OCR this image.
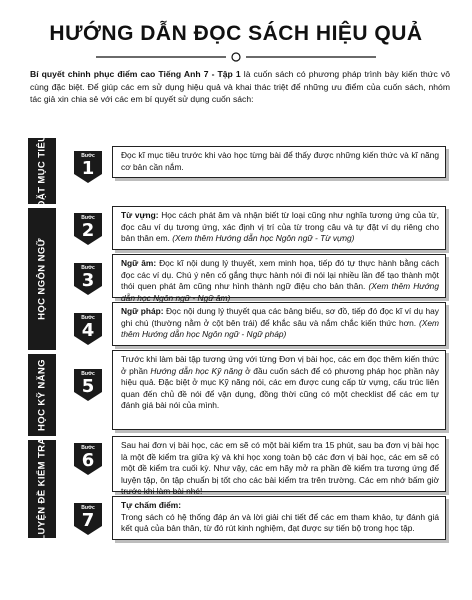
HƯỚNG DẪN ĐỌC SÁCH HIỆU QUẢ
Bí quyết chinh phục điểm cao Tiếng Anh 7 - Tập 1 là cuốn sách có phương pháp trình bày kiến thức vô cùng đặc biệt. Để giúp các em sử dụng hiệu quả và khai thác triệt để những ưu điểm của cuốn sách, nhóm tác giả xin chia sẻ với các em bí quyết sử dụng cuốn sách:
ĐẶT MỤC TIÊU
HỌC NGÔN NGỮ
HỌC KỸ NĂNG
LUYỆN ĐỀ KIỂM TRA
Bước
1
Bước
2
Bước
3
Bước
4
Bước
5
Bước
6
Bước
7
Đọc kĩ mục tiêu trước khi vào học từng bài để thấy được những kiến thức và kĩ năng cơ bản cần nắm.
Từ vựng: Học cách phát âm và nhận biết từ loại cũng như nghĩa tương ứng của từ, đọc câu ví dụ tương ứng, xác định vị trí của từ trong câu và tự đặt ví dụ riêng cho bản thân em. (Xem thêm Hướng dẫn học Ngôn ngữ - Từ vựng)
Ngữ âm: Đọc kĩ nội dung lý thuyết, xem minh họa, tiếp đó tự thực hành bằng cách đọc các ví dụ. Chú ý nên cố gắng thực hành nói đi nói lại nhiều lần để tạo thành một thói quen phát âm cũng như hình thành ngữ điệu cho bản thân. (Xem thêm Hướng dẫn học Ngôn ngữ - Ngữ âm)
Ngữ pháp: Đọc nội dung lý thuyết qua các bảng biểu, sơ đồ, tiếp đó đọc kĩ ví dụ hay ghi chú (thường nằm ở cột bên trái) để khắc sâu và nắm chắc kiến thức hơn. (Xem thêm Hướng dẫn học Ngôn ngữ - Ngữ pháp)
Trước khi làm bài tập tương ứng với từng Đơn vị bài học, các em đọc thêm kiến thức ở phần Hướng dẫn học Kỹ năng ở đầu cuốn sách để có phương pháp học phần này hiệu quả. Đặc biệt ở mục Kỹ năng nói, các em được cung cấp từ vựng, cấu trúc liên quan đến chủ đề nói để vận dụng, đồng thời cũng có một checklist để các em tự đánh giá bài nói của mình.
Sau hai đơn vị bài học, các em sẽ có một bài kiểm tra 15 phút, sau ba đơn vị bài học là một đề kiểm tra giữa kỳ và khi học xong toàn bộ các đơn vị bài học, các em sẽ có một đề kiểm tra cuối kỳ. Như vậy, các em hãy mở ra phần đề kiểm tra tương ứng để luyện tập, ôn tập chuẩn bị tốt cho các bài kiểm tra trên trường. Các em nhớ bấm giờ trước khi làm bài nhé!
Tự chấm điểm:
Trong sách có hệ thống đáp án và lời giải chi tiết để các em tham khảo, tự đánh giá kết quả của bản thân, từ đó rút kinh nghiệm, đạt được sự tiến bộ trong học tập.
